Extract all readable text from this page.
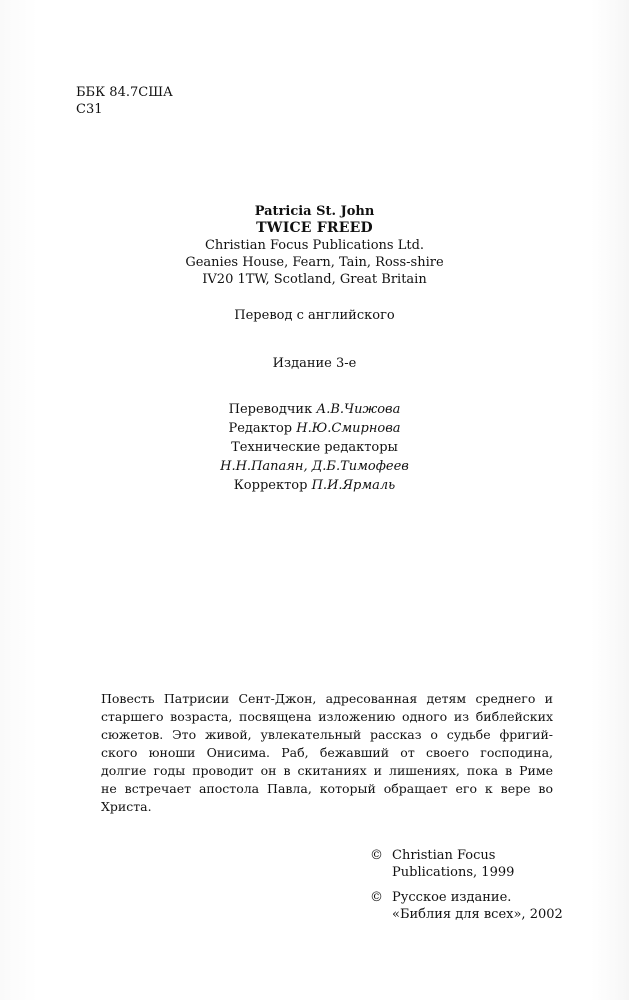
ББК 84.7США
С31
Patricia St. John
TWICE FREED
Christian Focus Publications Ltd.
Geanies House, Fearn, Tain, Ross-shire
IV20 1TW, Scotland, Great Britain
Перевод с английского
Издание 3-е
Переводчик А.В.Чижова
Редактор Н.Ю.Смирнова
Технические редакторы
Н.Н.Папаян, Д.Б.Тимофеев
Корректор П.И.Ярмаль
Повесть Патрисии Сент-Джон, адресованная детям среднего и
старшего возраста, посвящена изложению одного из библейских
сюжетов. Это живой, увлекательный рассказ о судьбе фригий-
ского юноши Онисима. Раб, бежавший от своего господина,
долгие годы проводит он в скитаниях и лишениях, пока в Риме
не встречает апостола Павла, который обращает его к вере во
Христа.
© Christian Focus
Publications, 1999
© Русское издание.
«Библия для всех», 2002
